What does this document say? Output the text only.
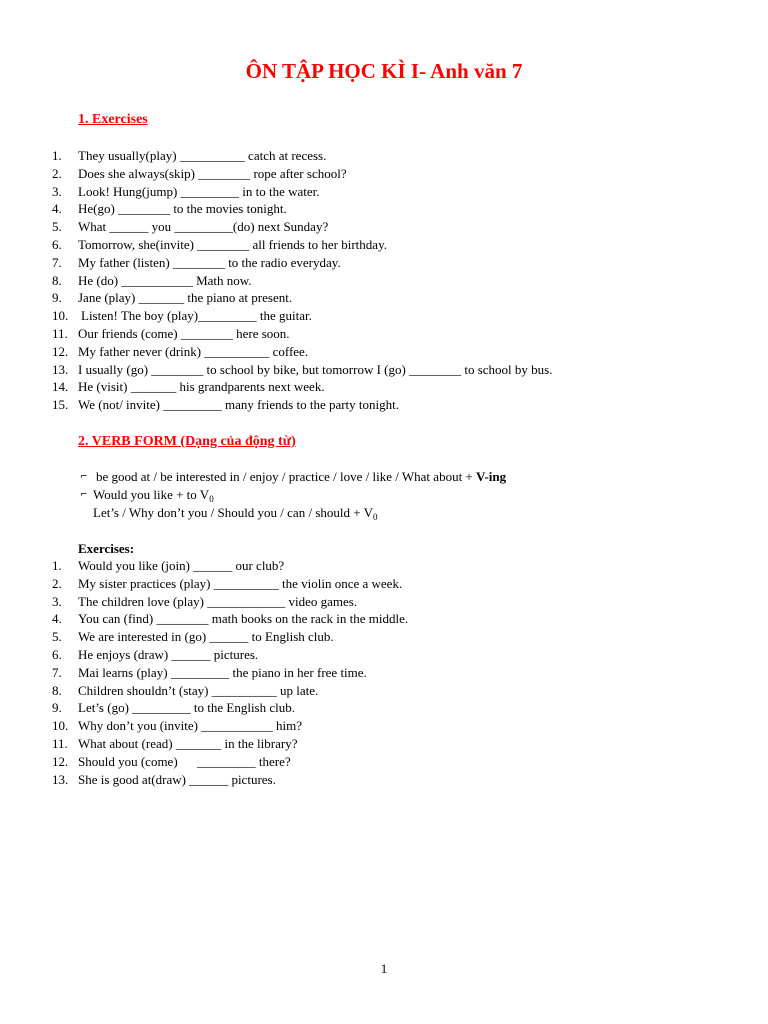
ÔN TẬP HỌC KÌ I- Anh văn 7
1. Exercises
1. They usually(play) __________ catch at recess.
2. Does she always(skip) ________ rope after school?
3. Look! Hung(jump) _________ in to the water.
4. He(go) ________ to the movies tonight.
5. What ______ you _________(do) next Sunday?
6. Tomorrow, she(invite) ________ all friends to her birthday.
7. My father (listen) ________ to the radio everyday.
8. He (do) ___________ Math now.
9. Jane (play) _______ the piano at present.
10. Listen! The boy (play)_________ the guitar.
11. Our friends (come) ________ here soon.
12. My father never (drink) __________ coffee.
13. I usually (go) ________ to school by bike, but tomorrow I (go) ________ to school by bus.
14. He (visit) _______ his grandparents next week.
15. We (not/ invite) _________ many friends to the party tonight.
2. VERB FORM (Dạng của động từ)
⌐ be good at / be interested in / enjoy / practice / love / like / What about + V-ing
⌐ Would you like + to $V_0$
Let’s / Why don’t you / Should you / can / should + $V_0$
Exercises:
1. Would you like (join) ______ our club?
2. My sister practices (play) __________ the violin once a week.
3. The children love (play) ____________ video games.
4. You can (find) ________ math books on the rack in the middle.
5. We are interested in (go) ______ to English club.
6. He enjoys (draw) ______ pictures.
7. Mai learns (play) _________ the piano in her free time.
8. Children shouldn’t (stay) __________ up late.
9. Let’s (go) _________ to the English club.
10. Why don’t you (invite) ___________ him?
11. What about (read) _______ in the library?
12. Should you (come)      _________ there?
13. She is good at(draw) ______ pictures.
1
